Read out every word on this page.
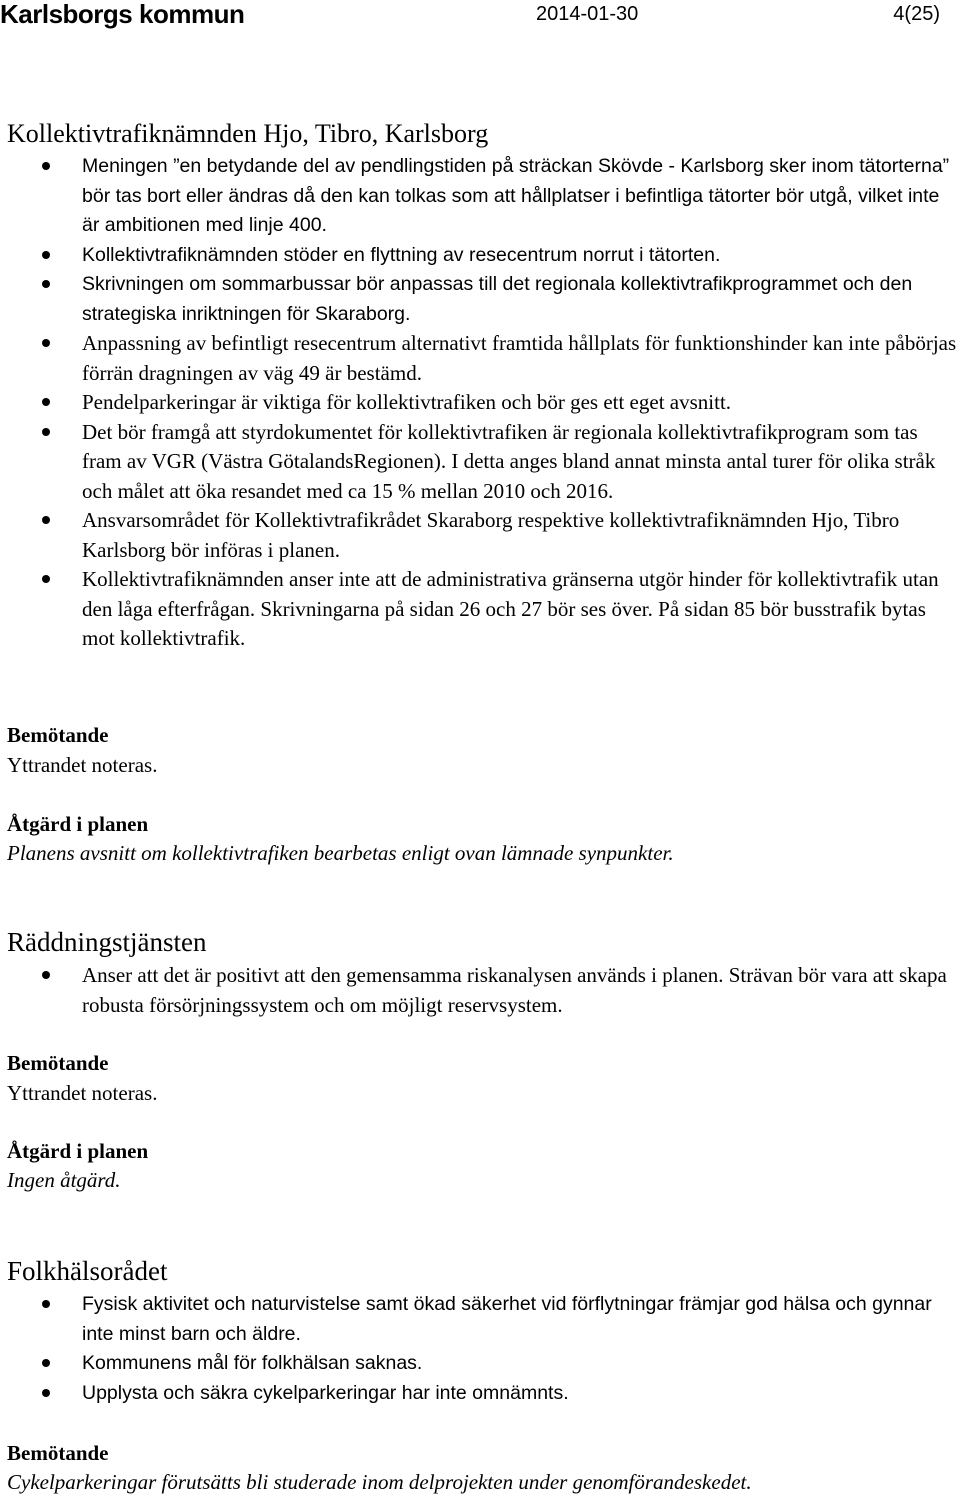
Karlsborgs kommun	2014-01-30	4(25)
Kollektivtrafiknämnden Hjo, Tibro, Karlsborg
Meningen ”en betydande del av pendlingstiden på sträckan Skövde - Karlsborg sker inom tätorterna” bör tas bort eller ändras då den kan tolkas som att hållplatser i befintliga tätorter bör utgå, vilket inte är ambitionen med linje 400.
Kollektivtrafiknämnden stöder en flyttning av resecentrum norrut i tätorten.
Skrivningen om sommarbussar bör anpassas till det regionala kollektivtrafikprogrammet och den strategiska inriktningen för Skaraborg.
Anpassning av befintligt resecentrum alternativt framtida hållplats för funktionshinder kan inte påbörjas förrän dragningen av väg 49 är bestämd.
Pendelparkeringar är viktiga för kollektivtrafiken och bör ges ett eget avsnitt.
Det bör framgå att styrdokumentet för kollektivtrafiken är regionala kollektivtrafikprogram som tas fram av VGR (Västra GötalandsRegionen). I detta anges bland annat minsta antal turer för olika stråk och målet att öka resandet med ca 15 % mellan 2010 och 2016.
Ansvarsområdet för Kollektivtrafikrådet Skaraborg respektive kollektivtrafiknämnden Hjo, Tibro Karlsborg bör införas i planen.
Kollektivtrafiknämnden anser inte att de administrativa gränserna utgör hinder för kollektivtrafik utan den låga efterfrågan. Skrivningarna på sidan 26 och 27 bör ses över. På sidan 85 bör busstrafik bytas mot kollektivtrafik.
Bemötande
Yttrandet noteras.
Åtgärd i planen
Planens avsnitt om kollektivtrafiken bearbetas enligt ovan lämnade synpunkter.
Räddningstjänsten
Anser att det är positivt att den gemensamma riskanalysen används i planen. Strävan bör vara att skapa robusta försörjningssystem och om möjligt reservsystem.
Bemötande
Yttrandet noteras.
Åtgärd i planen
Ingen åtgärd.
Folkhälsorådet
Fysisk aktivitet och naturvistelse samt ökad säkerhet vid förflytningar främjar god hälsa och gynnar inte minst barn och äldre.
Kommunens mål för folkhälsan saknas.
Upplysta och säkra cykelparkeringar har inte omnämnts.
Bemötande
Cykelparkeringar förutsätts bli studerade inom delprojekten under genomförandeskedet.
